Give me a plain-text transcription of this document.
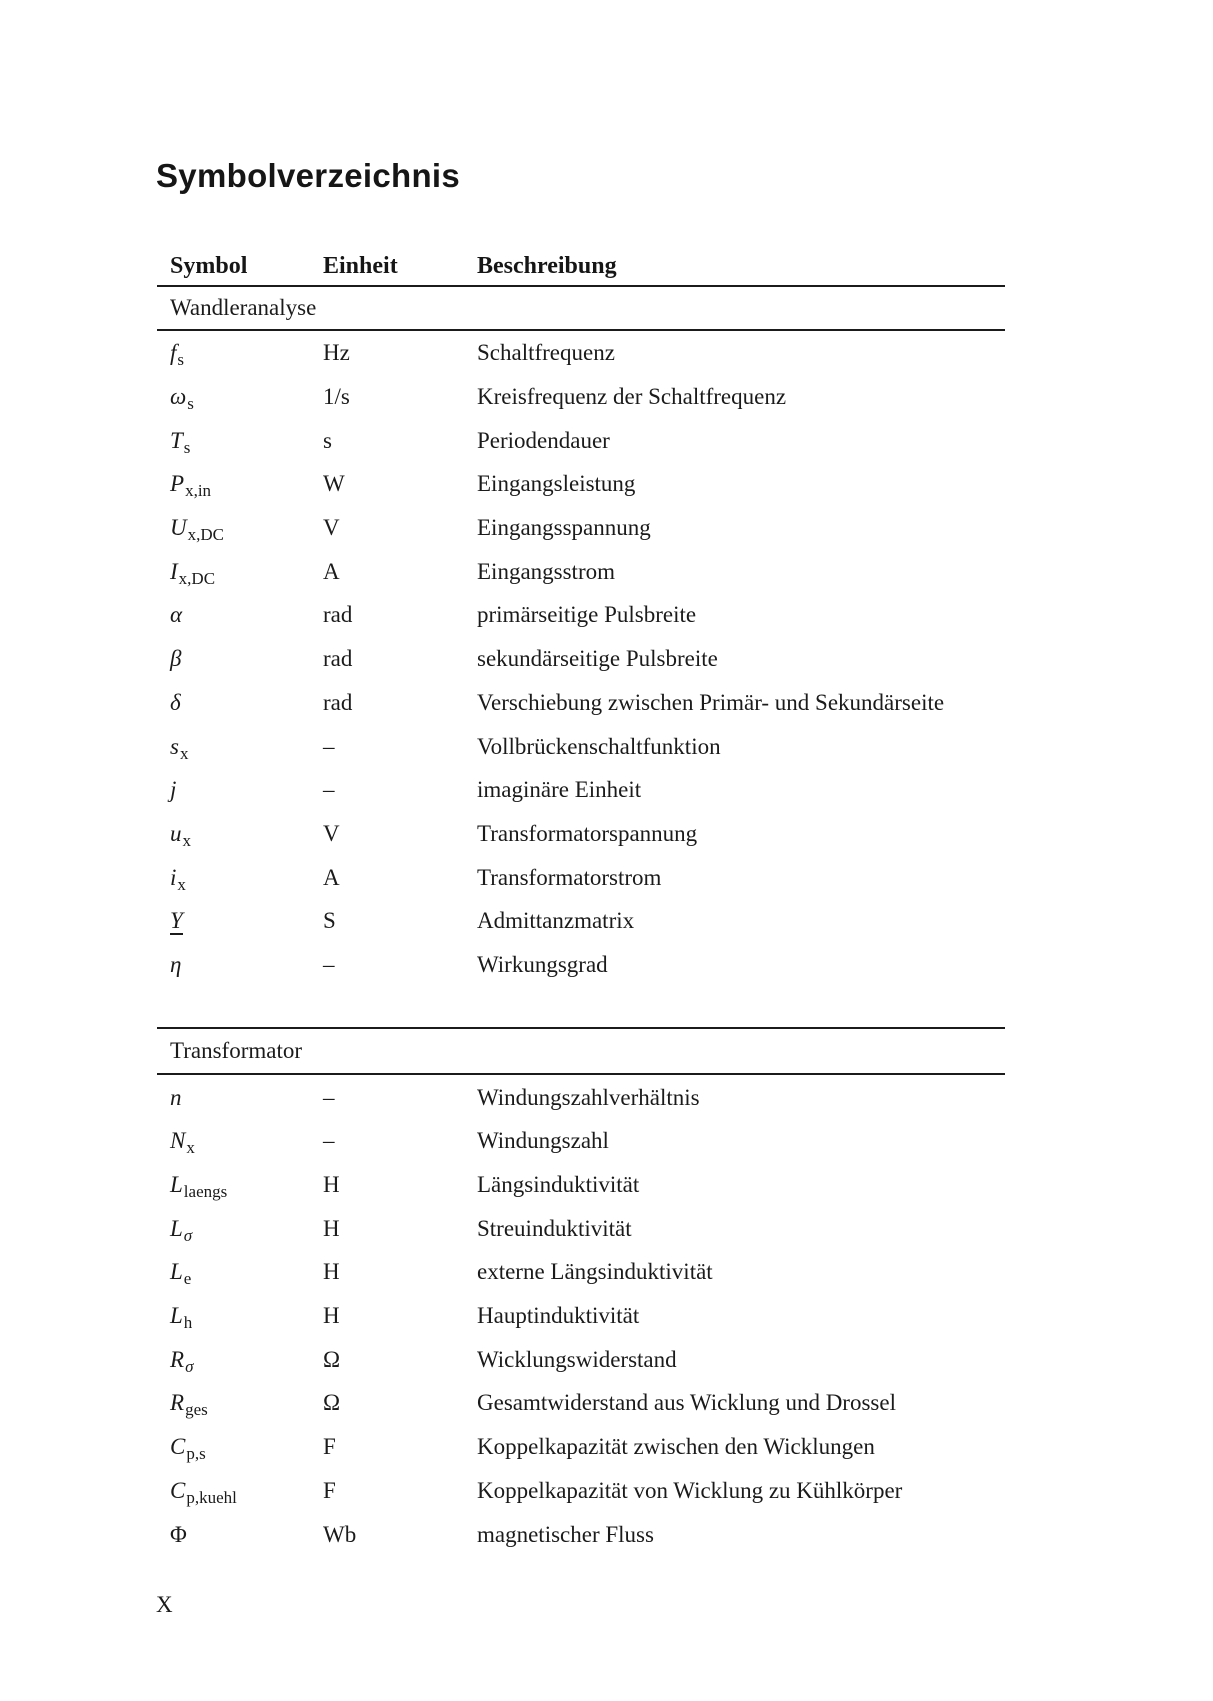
Symbolverzeichnis
Symbol	Einheit	Beschreibung
Wandleranalyse
$f_s$	Hz	Schaltfrequenz
$\omega_s$	1/s	Kreisfrequenz der Schaltfrequenz
$T_s$	s	Periodendauer
$P_{x,in}$	W	Eingangsleistung
$U_{x,DC}$	V	Eingangsspannung
$I_{x,DC}$	A	Eingangsstrom
α	rad	primärseitige Pulsbreite
β	rad	sekundärseitige Pulsbreite
δ	rad	Verschiebung zwischen Primär- und Sekundärseite
$s_x$	–	Vollbrückenschaltfunktion
j	–	imaginäre Einheit
$u_x$	V	Transformatorspannung
$i_x$	A	Transformatorstrom
Y	S	Admittanzmatrix
η	–	Wirkungsgrad
Transformator
n	–	Windungszahlverhältnis
$N_x$	–	Windungszahl
$L_{laengs}$	H	Längsinduktivität
$L_\sigma$	H	Streuinduktivität
$L_e$	H	externe Längsinduktivität
$L_h$	H	Hauptinduktivität
$R_\sigma$	Ω	Wicklungswiderstand
$R_{ges}$	Ω	Gesamtwiderstand aus Wicklung und Drossel
$C_{p,s}$	F	Koppelkapazität zwischen den Wicklungen
$C_{p,kuehl}$	F	Koppelkapazität von Wicklung zu Kühlkörper
Φ	Wb	magnetischer Fluss
X
